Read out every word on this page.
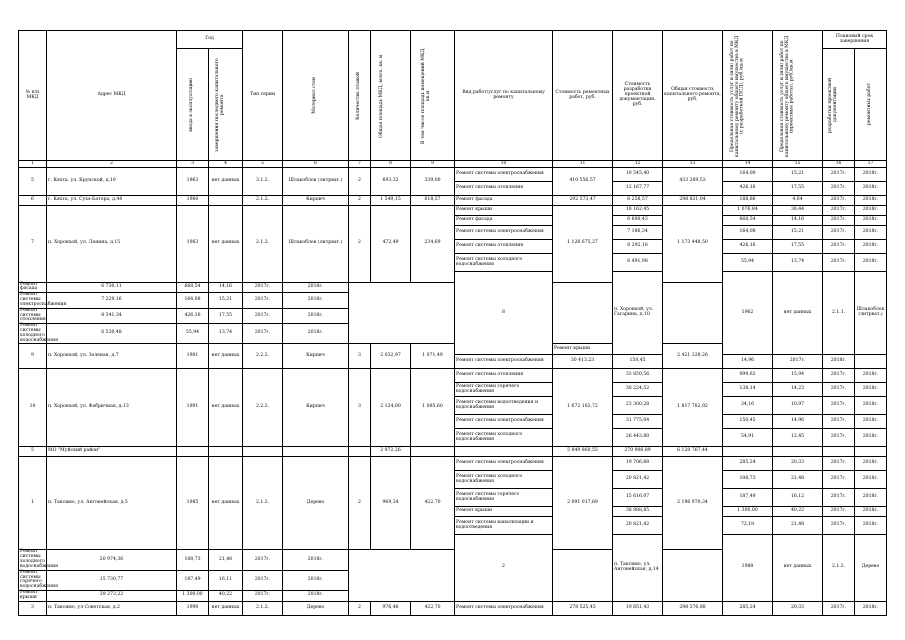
№ п/п МКД	Адрес МКД	Год		Тип серии	Материал стен	Количество этажей	Общая площадь МКД, всего, кв. м	В том числе площадь помещений МКД, кв.м	Вид работ/услуг по капитальному ремонту	Стоимость ремонтных работ, руб.	Стоимость разработки проектной документации, руб.	Общая стоимость капитального ремонта, руб.	Предельная стоимость услуг и (или) работ по капитальному ремонту общего имущества в МКД (с разработкой ПСД), руб./кв.м	Предельная стоимость услуг и (или) работ по капитальному ремонту общего имущества в МКД (проектные работы), руб./кв.м	Плановый срок завершения		

		ввода в эксплуатацию	завершения последнего капитального ремонта												разработки проектной документации	ремонтных работ	

1	2	3	4	5	6	7	8	9	10	11	12	13	14	15	16	17	
5	г. Кяхта, ул. Крупской, д.10	1963	нет данных	3.1.2.	Шлакоблок (литрват.)	2	693,32	339,00	Ремонт системы электроснабжения	410 556,57	10 545,40	433 269,53	164,00	15,21	2017г.	2018г.	
									Ремонт системы отопления		12 167,77		426,16	17,55	2017г.	2018г.	
6	г. Кяхта, ул. Сухэ-Батора, д.44	1960		2.1.2.	Кирпич	2	1 549,15	618,57	Ремонт фасада	292 573,47	6 258,57	298 831,04	188,86	4,04	2017г.	2018г.	
7	п. Хоронхой, ул. Ленина, д.15	1963	нет данных	2.1.2.	Шлакоблок (литрват.)	2	472,49	234,69	Ремонт крыши	1 126 675,27	18 162,45	1 173 448,50	1 076,84	38,44	2017г.	2018г.	
									Ремонт фасада		6 690,43		668,54	14,16	2017г.	2018г.	
									Ремонт системы электроснабжения		7 186,34		164,08	15,21	2017г.	2018г.	
									Ремонт системы отопления		8 292,16		426,16	17,55	2017г.	2018г.	
									Ремонт системы холодного водоснабжения		6 491,98		55,94	13,74	2017г.	2018г.	
									8		п. Хоронхой, ул. Гагарина, д.10		1962	нет данных	2.1.1.	Шлакоблок (литрват.)											
Ремонт фасада	6 730,11	668,54	14,16	2017г.	2018г.												
Ремонт системы электроснабжения	7 229,16	164,08	15,21	2017г.	2018г.												
Ремонт системы отопления	8 341,34	426,16	17,55	2017г.	2018г.												
Ремонт системы холодного водоснабжения	6 530,48	55,94	13,74	2017г.	2018г.												
9	п. Хоронхой, ул. Зеленая, д.7	1981	нет данных	2.2.2.	Кирпич	3	2 032,97	1 071,49		Ремонт крыши		2 421 328,26						
									Ремонт системы электроснабжения	30 413,23	150,45		14,96	2017г.	2018г.		
10	п. Хоронхой, ул. Фабричная, д.13	1991	нет данных	2.2.2.	Кирпич	3	2 124,00	1 085,60	Ремонт системы отопления	1 672 182,72	33 850,56	1 817 782,92	099,62	15,94	2017г.	2018г.	
									Ремонт системы горячего водоснабжения		30 224,52		138,14	14,23	2017г.	2018г.	
									Ремонт системы водоотведения и водоснабжения		23 300,28		34,16	10,97	2017г.	2018г.	
									Ремонт системы электроснабжения		31 775,04		150,45	14,96	2017г.	2018г.	
									Ремонт системы холодного водоснабжения		26 443,80		54,91	12,45	2017г.	2018г.	
5	МО "Муйский район"						2 972,26			5 849 860,55	270 906,89	6 120 767,44					
1	п. Таксимо, ул. Ангонейская, д.5	1985	нет данных	2.1.2.	Дерево	2	969,34	422,70	Ремонт системы электроснабжения	2 091 017,69	19 706,68	2 196 970,34	285,24	20,33	2017г.	2018г.	
									Ремонт системы холодного водоснабжения		20 821,42		108,73	21,48	2017г.	2018г.	
									Ремонт системы горячего водоснабжения		15 616,07		187,49	16,12	2017г.	2018г.	
									Ремонт крыши		38 988,85		1 300,00	40,22	2017г.	2018г.	
									Ремонт системы канализации и водоотведения		20 821,42		72,18	21,48	2017г.	2018г.	
									2		п. Таксимо, ул. Ангонейская, д.14		1988	нет данных	2.1.2.	Дерево											
Ремонт системы холодного водоснабжения	20 974,36	108,73	21,48	2017г.	2018г.												
Ремонт системы горячего водоснабжения	15 730,77	187,49	16,11	2017г.	2018г.												
Ремонт крыши	39 273,22	1 300,00	40,22	2017г.	2018г.												
3	п. Таксимо, ул Советская, д.2	1990	нет данных	2.1.2.	Дерево	2	976,46	422,70	Ремонт системы электроснабжения	278 525,45	19 851,43	298 376,88	285,24	20,33	2017г.	2018г.	
